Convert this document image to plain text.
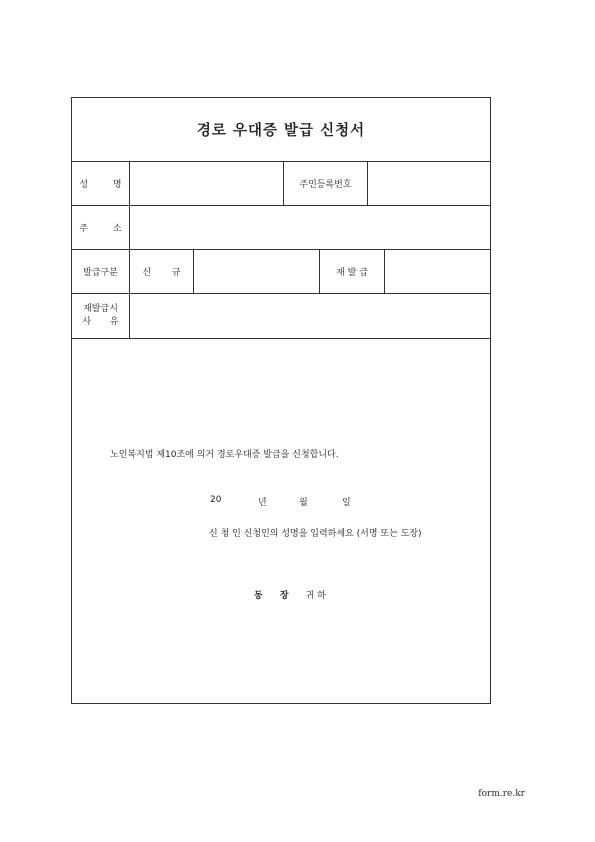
경로 우대증 발급 신청서
성 명	주민등록번호
주 소
발급구분	신 규	재 발 급
재발급시
사 유
노인복지법 제10조에 의거 경로우대증 발급을 신청합니다.
20	년	월	일
신 청 인 신청인의 성명을 입력하세요 (서명 또는 도장)
동 장 귀하
form.re.kr
